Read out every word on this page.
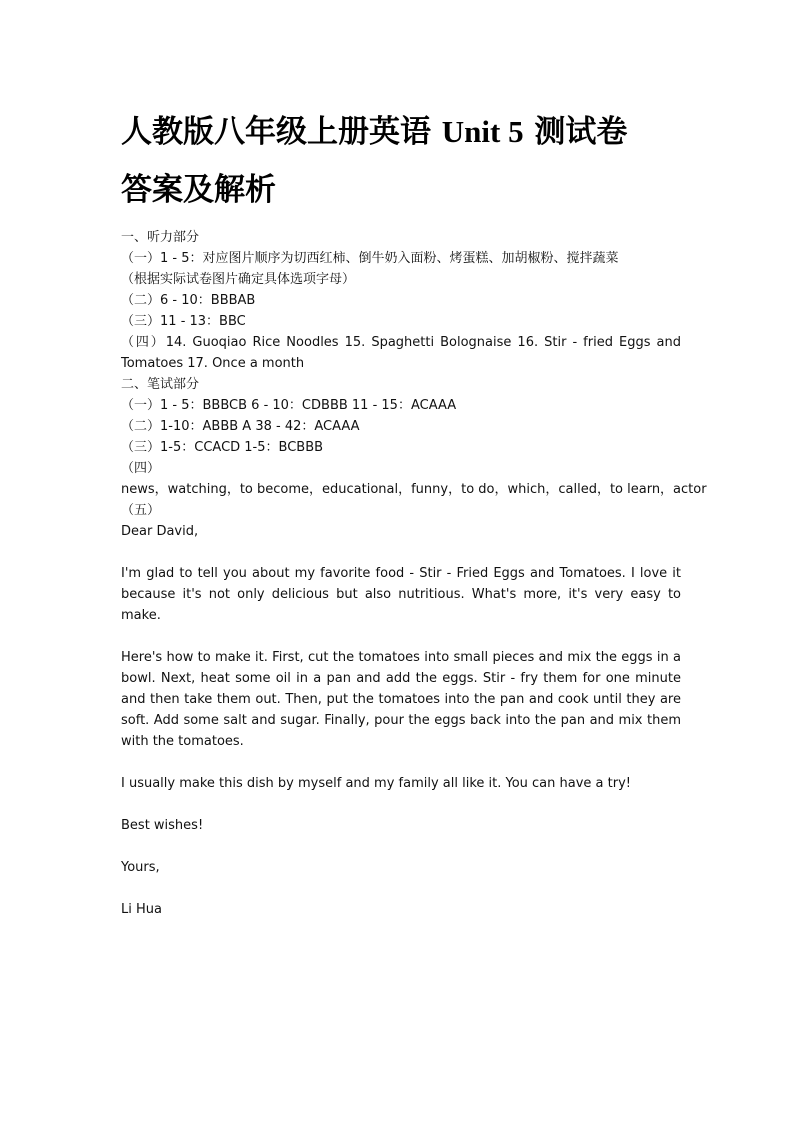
人教版八年级上册英语 Unit 5 测试卷
答案及解析
一、听力部分
（一）1 - 5：对应图片顺序为切西红柿、倒牛奶入面粉、烤蛋糕、加胡椒粉、搅拌蔬菜
（根据实际试卷图片确定具体选项字母）
（二）6 - 10：BBBAB
（三）11 - 13：BBC
（四）14. Guoqiao Rice Noodles 15. Spaghetti Bolognaise 16. Stir - fried Eggs and Tomatoes 17. Once a month
二、笔试部分
（一）1 - 5：BBBCB 6 - 10：CDBBB 11 - 15：ACAAA
（二）1-10：ABBB A 38 - 42：ACAAA
（三）1-5：CCACD 1-5：BCBBB
（四）
news，watching，to become，educational，funny，to do，which，called，to learn，actor
（五）
Dear David,
I'm glad to tell you about my favorite food - Stir - Fried Eggs and Tomatoes. I love it because it's not only delicious but also nutritious. What's more, it's very easy to make.
Here's how to make it. First, cut the tomatoes into small pieces and mix the eggs in a bowl. Next, heat some oil in a pan and add the eggs. Stir - fry them for one minute and then take them out. Then, put the tomatoes into the pan and cook until they are soft. Add some salt and sugar. Finally, pour the eggs back into the pan and mix them with the tomatoes.
I usually make this dish by myself and my family all like it. You can have a try!
Best wishes!
Yours,
Li Hua
